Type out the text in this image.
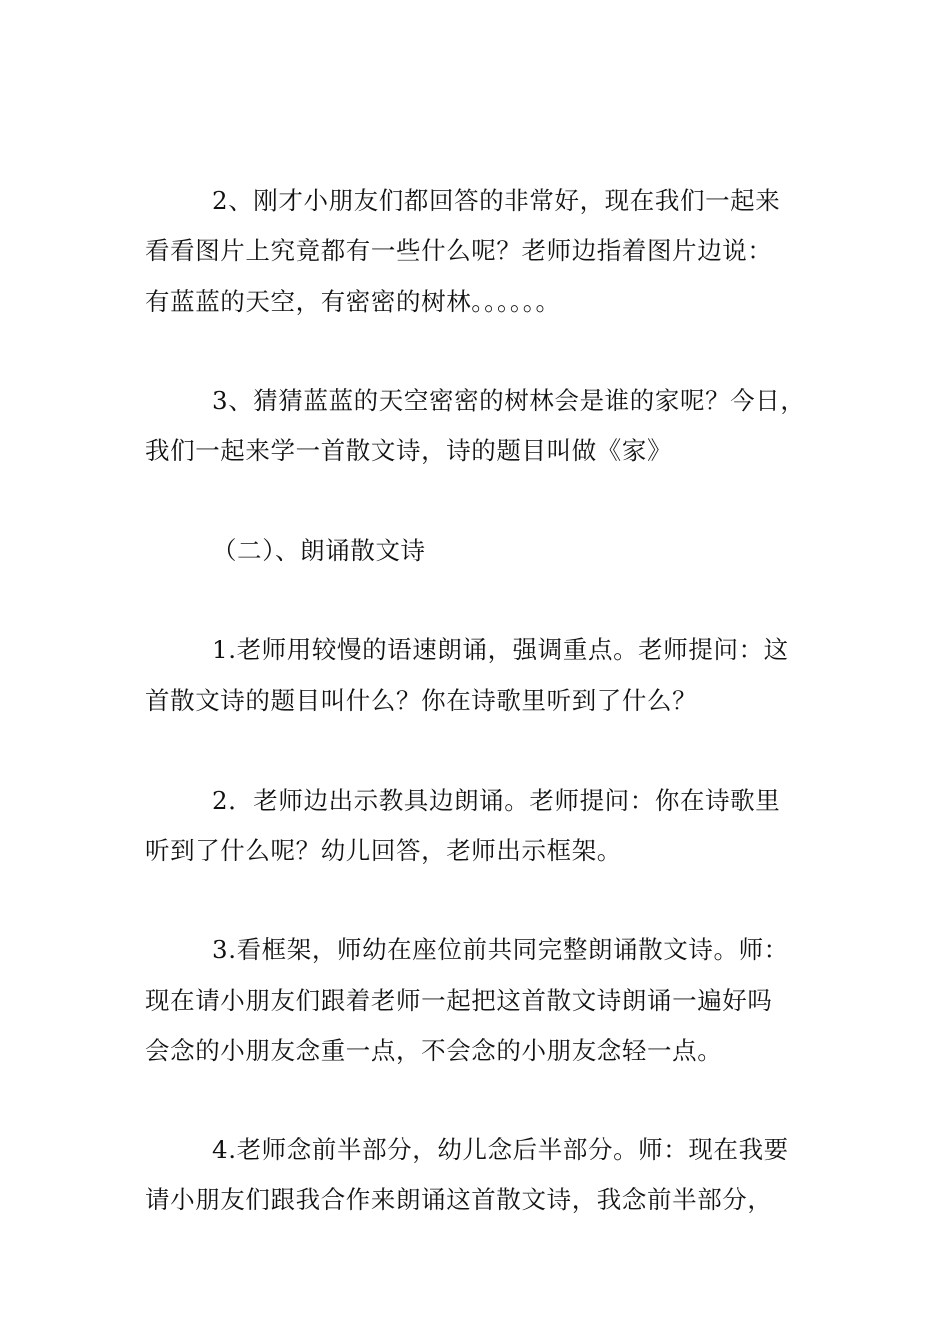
2、刚才小朋友们都回答的非常好，现在我们一起来
看看图片上究竟都有一些什么呢？老师边指着图片边说：
有蓝蓝的天空，有密密的树林。。。。。。
3、猜猜蓝蓝的天空密密的树林会是谁的家呢？今日，
我们一起来学一首散文诗，诗的题目叫做《家》
（二）、朗诵散文诗
1.老师用较慢的语速朗诵，强调重点。老师提问：这
首散文诗的题目叫什么？你在诗歌里听到了什么？
2．老师边出示教具边朗诵。老师提问：你在诗歌里
听到了什么呢？幼儿回答，老师出示框架。
3.看框架，师幼在座位前共同完整朗诵散文诗。师：
现在请小朋友们跟着老师一起把这首散文诗朗诵一遍好吗
会念的小朋友念重一点，不会念的小朋友念轻一点。
4.老师念前半部分，幼儿念后半部分。师：现在我要
请小朋友们跟我合作来朗诵这首散文诗，我念前半部分，
